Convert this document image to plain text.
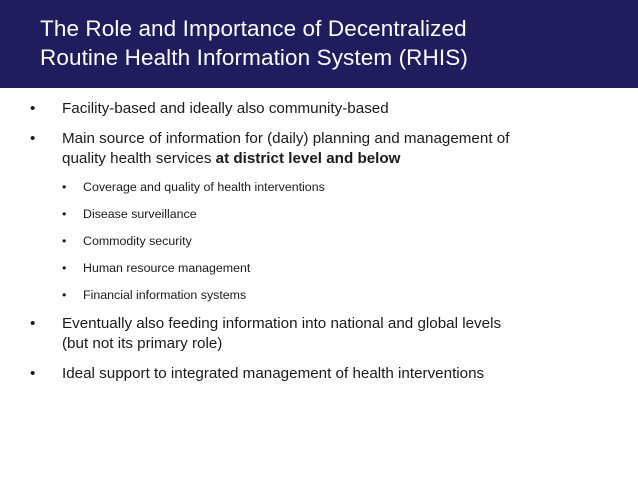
The Role and Importance of Decentralized
Routine Health Information System (RHIS)
• Facility-based and ideally also community-based
• Main source of information for (daily) planning and management of
quality health services at district level and below
• Coverage and quality of health interventions
• Disease surveillance
• Commodity security
• Human resource management
• Financial information systems
• Eventually also feeding information into national and global levels
(but not its primary role)
• Ideal support to integrated management of health interventions
